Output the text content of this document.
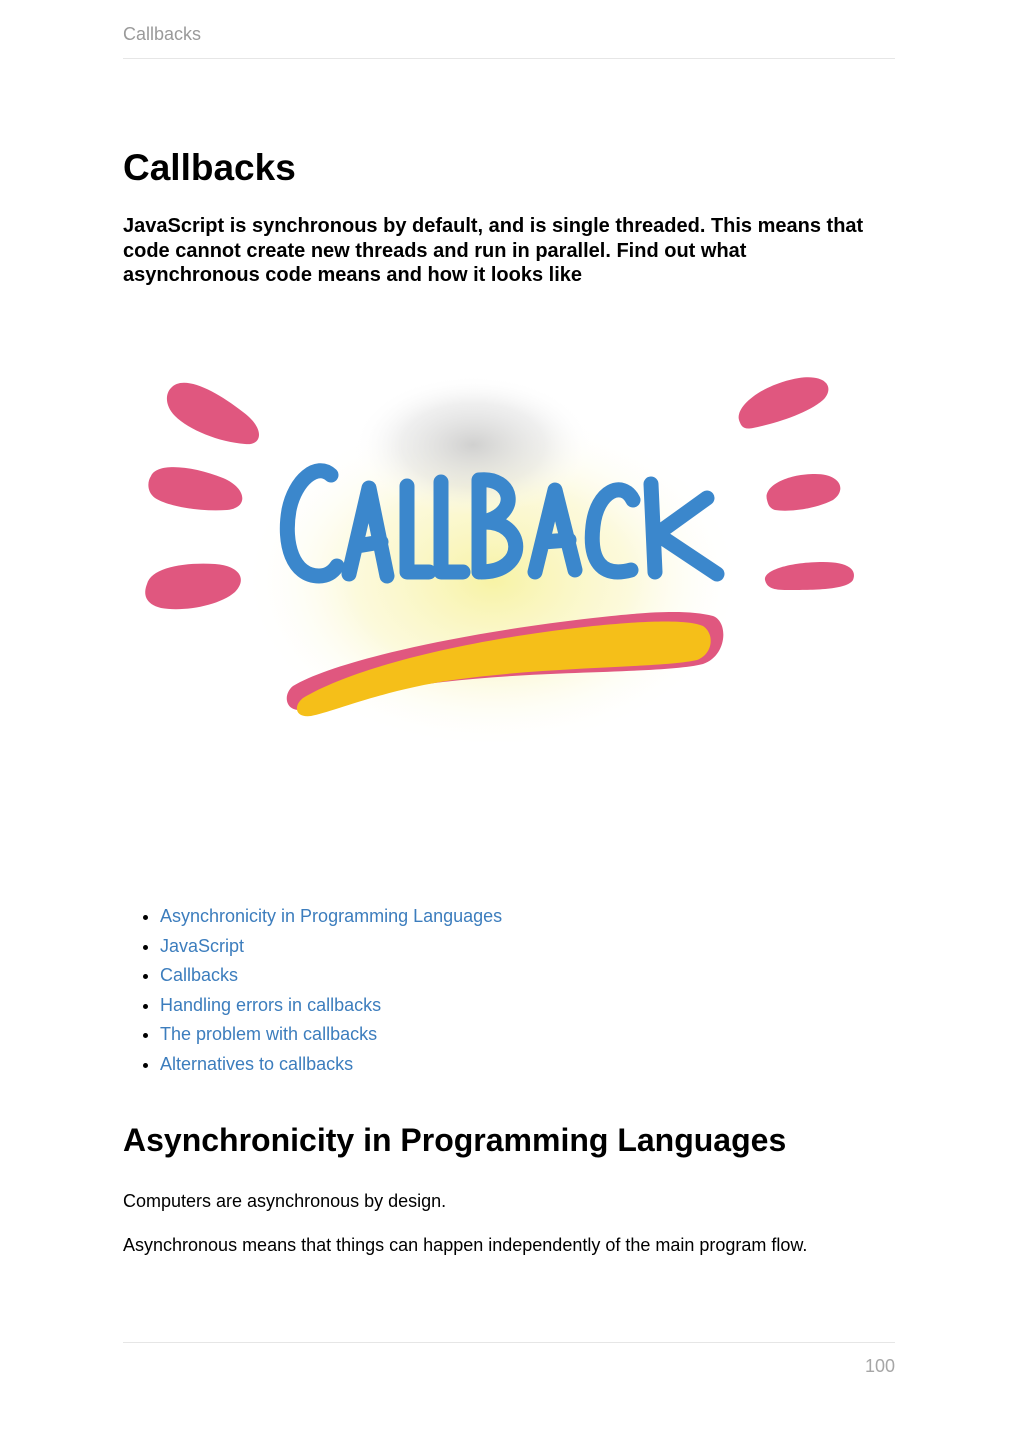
Callbacks
Callbacks

JavaScript is synchronous by default, and is single threaded. This means that code cannot create new threads and run in parallel. Find out what asynchronous code means and how it looks like

• Asynchronicity in Programming Languages
• JavaScript
• Callbacks
• Handling errors in callbacks
• The problem with callbacks
• Alternatives to callbacks
Asynchronicity in Programming Languages

Computers are asynchronous by design.

Asynchronous means that things can happen independently of the main program flow.

100
